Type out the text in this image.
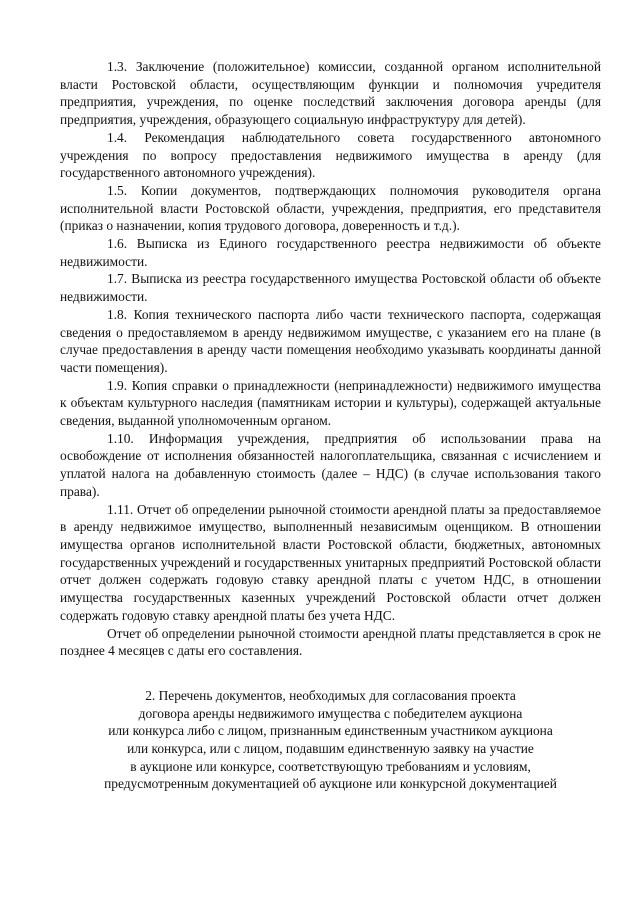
1.3. Заключение (положительное) комиссии, созданной органом исполнительной власти Ростовской области, осуществляющим функции и полномочия учредителя предприятия, учреждения, по оценке последствий заключения договора аренды (для предприятия, учреждения, образующего социальную инфраструктуру для детей).

1.4. Рекомендация наблюдательного совета государственного автономного учреждения по вопросу предоставления недвижимого имущества в аренду (для государственного автономного учреждения).

1.5. Копии документов, подтверждающих полномочия руководителя органа исполнительной власти Ростовской области, учреждения, предприятия, его представителя (приказ о назначении, копия трудового договора, доверенность и т.д.).

1.6. Выписка из Единого государственного реестра недвижимости об объекте недвижимости.

1.7. Выписка из реестра государственного имущества Ростовской области об объекте недвижимости.

1.8. Копия технического паспорта либо части технического паспорта, содержащая сведения о предоставляемом в аренду недвижимом имуществе, с указанием его на плане (в случае предоставления в аренду части помещения необходимо указывать координаты данной части помещения).

1.9. Копия справки о принадлежности (непринадлежности) недвижимого имущества к объектам культурного наследия (памятникам истории и культуры), содержащей актуальные сведения, выданной уполномоченным органом.

1.10. Информация учреждения, предприятия об использовании права на освобождение от исполнения обязанностей налогоплательщика, связанная с исчислением и уплатой налога на добавленную стоимость (далее – НДС) (в случае использования такого права).

1.11. Отчет об определении рыночной стоимости арендной платы за предоставляемое в аренду недвижимое имущество, выполненный независимым оценщиком. В отношении имущества органов исполнительной власти Ростовской области, бюджетных, автономных государственных учреждений и государственных унитарных предприятий Ростовской области отчет должен содержать годовую ставку арендной платы с учетом НДС, в отношении имущества государственных казенных учреждений Ростовской области отчет должен содержать годовую ставку арендной платы без учета НДС.

Отчет об определении рыночной стоимости арендной платы представляется в срок не позднее 4 месяцев с даты его составления.

2. Перечень документов, необходимых для согласования проекта
договора аренды недвижимого имущества с победителем аукциона
или конкурса либо с лицом, признанным единственным участником аукциона
или конкурса, или с лицом, подавшим единственную заявку на участие
в аукционе или конкурсе, соответствующую требованиям и условиям,
предусмотренным документацией об аукционе или конкурсной документацией
